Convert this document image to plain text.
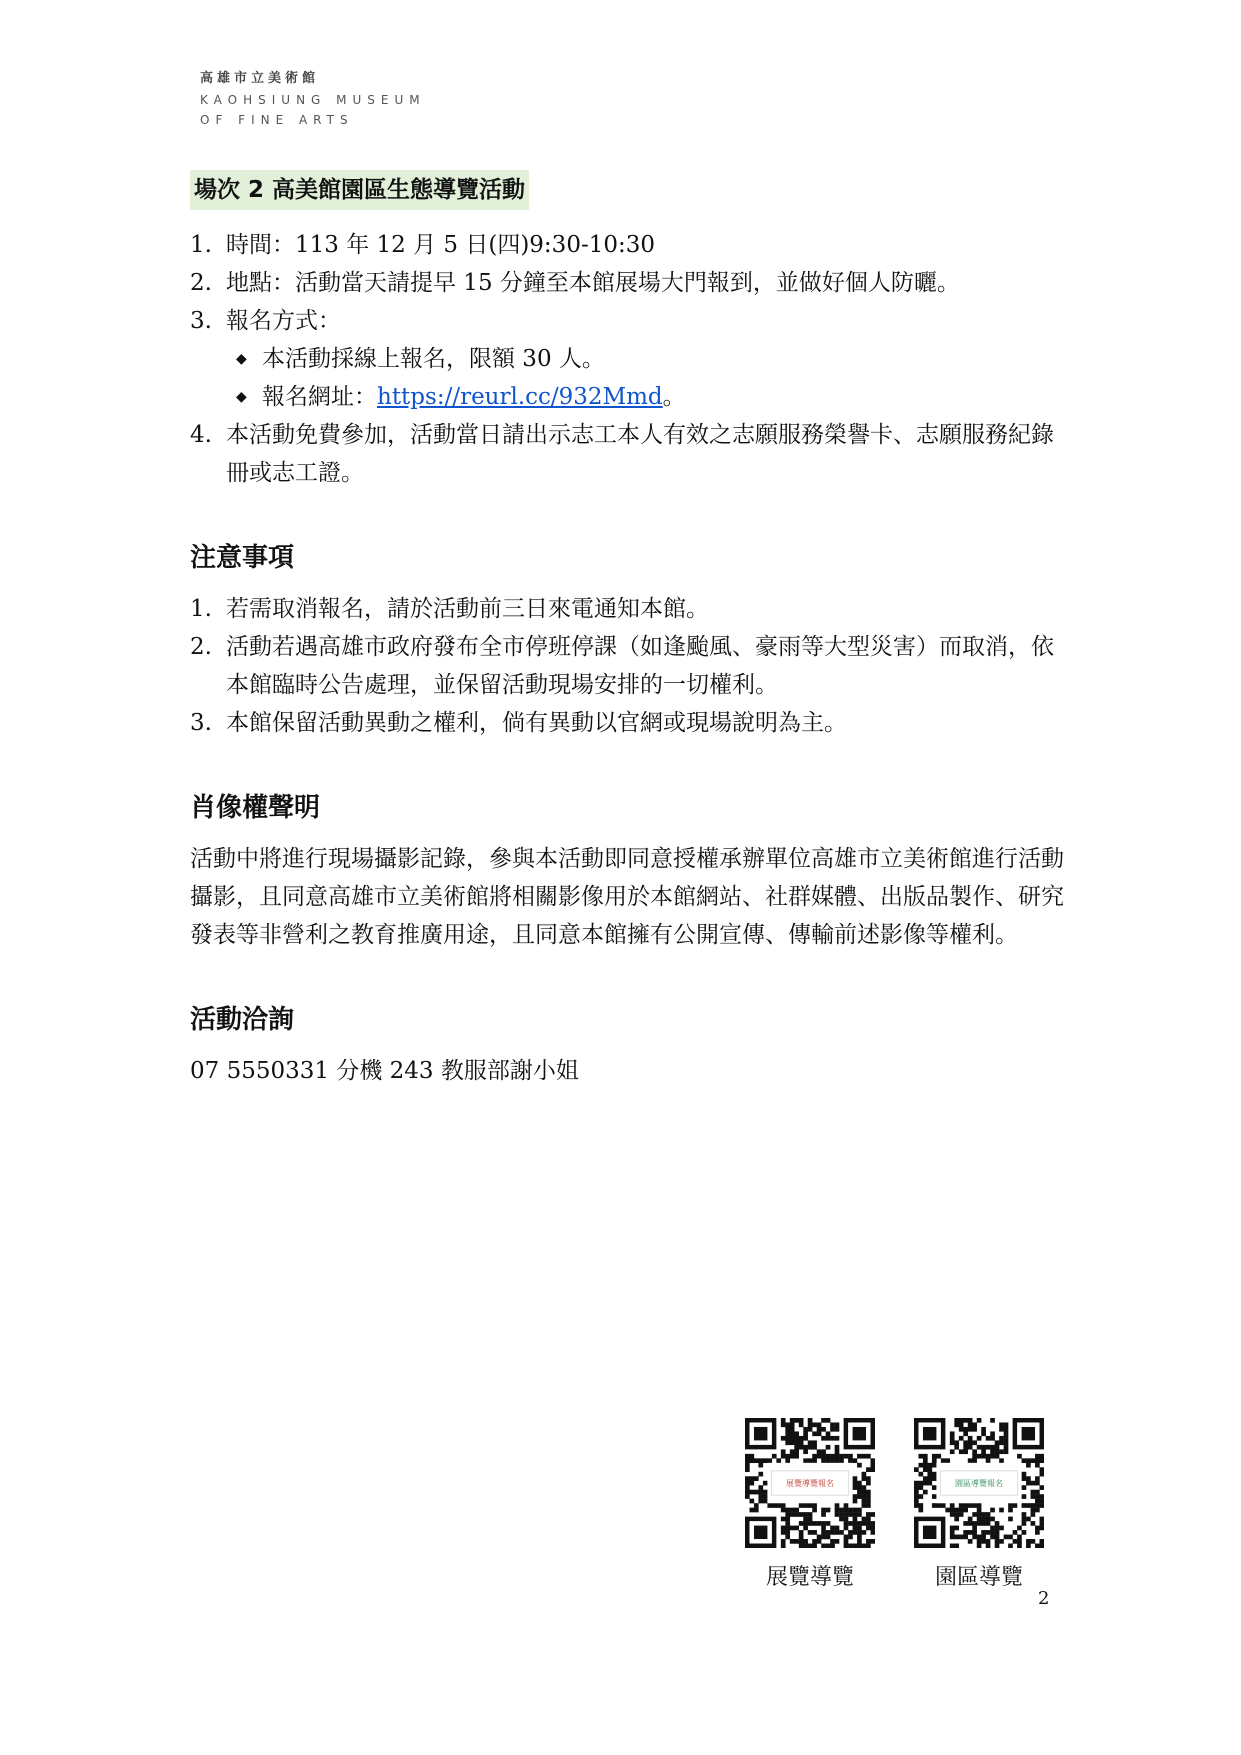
高雄市立美術館
KAOHSIUNG MUSEUM
OF FINE ARTS
場次 2 高美館園區生態導覽活動
1. 時間：113 年 12 月 5 日(四)9:30-10:30
2. 地點：活動當天請提早 15 分鐘至本館展場大門報到，並做好個人防曬。
3. 報名方式：
◆ 本活動採線上報名，限額 30 人。
◆ 報名網址：https://reurl.cc/932Mmd。
4. 本活動免費參加，活動當日請出示志工本人有效之志願服務榮譽卡、志願服務紀錄冊或志工證。
注意事項
1. 若需取消報名，請於活動前三日來電通知本館。
2. 活動若遇高雄市政府發布全市停班停課（如逢颱風、豪雨等大型災害）而取消，依本館臨時公告處理，並保留活動現場安排的一切權利。
3. 本館保留活動異動之權利，倘有異動以官網或現場說明為主。
肖像權聲明

活動中將進行現場攝影記錄，參與本活動即同意授權承辦單位高雄市立美術館進行活動攝影，且同意高雄市立美術館將相關影像用於本館網站、社群媒體、出版品製作、研究發表等非營利之教育推廣用途，且同意本館擁有公開宣傳、傳輸前述影像等權利。

活動洽詢

07 5550331 分機 243 教服部謝小姐

展覽導覽報名
展覽導覽
園區導覽報名
園區導覽
2
